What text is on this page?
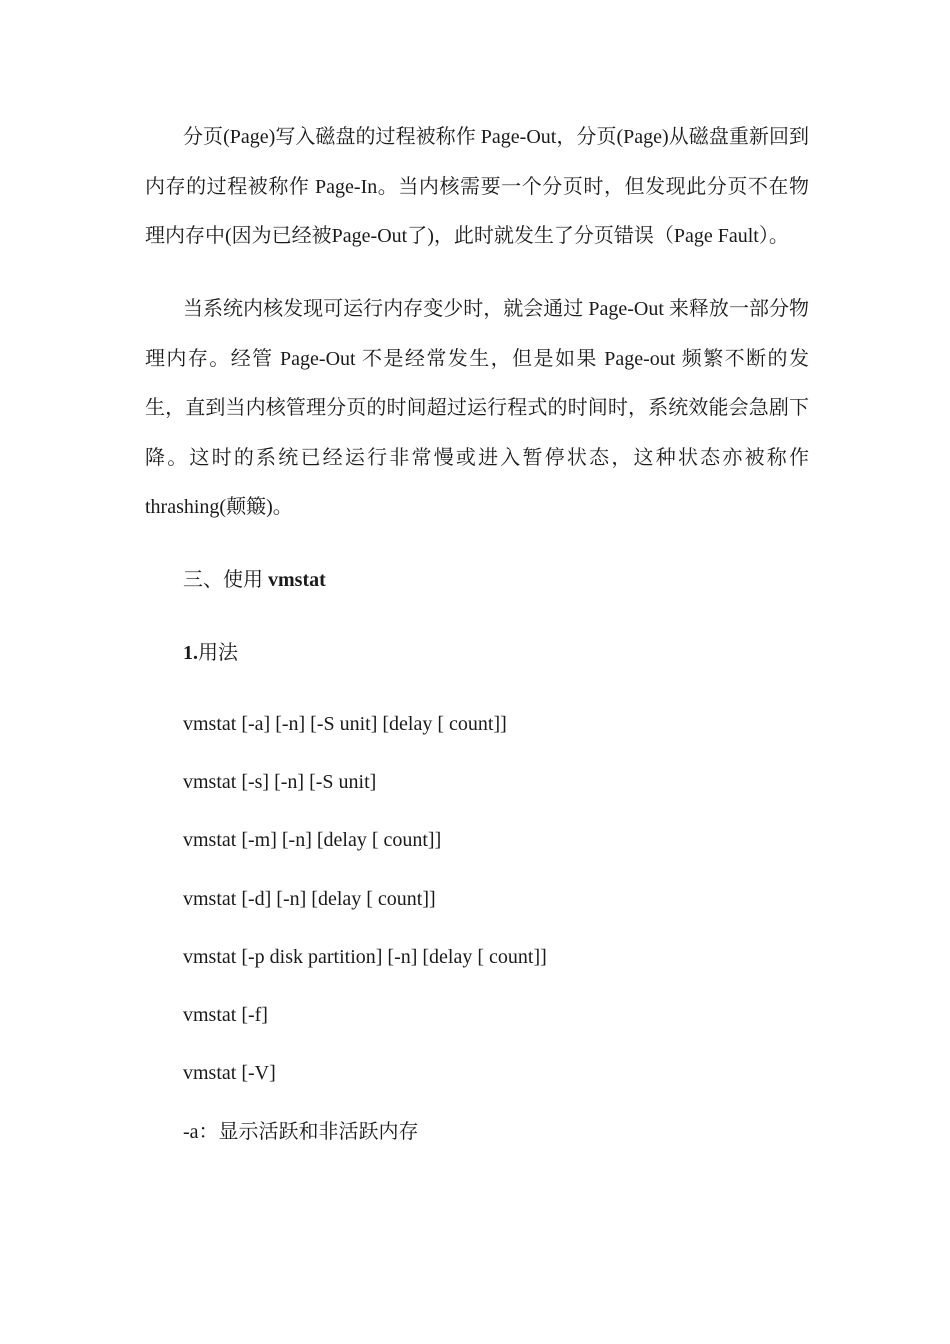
分页(Page)写入磁盘的过程被称作 Page-Out，分页(Page)从磁盘重新回到内存的过程被称作 Page-In。当内核需要一个分页时，但发现此分页不在物理内存中(因为已经被Page-Out了)，此时就发生了分页错误（Page Fault）。

当系统内核发现可运行内存变少时，就会通过 Page-Out 来释放一部分物理内存。经管 Page-Out 不是经常发生，但是如果 Page-out 频繁不断的发生，直到当内核管理分页的时间超过运行程式的时间时，系统效能会急剧下降。这时的系统已经运行非常慢或进入暂停状态，这种状态亦被称作thrashing(颠簸)。

三、使用 vmstat

1.用法

vmstat [-a] [-n] [-S unit] [delay [ count]]

vmstat [-s] [-n] [-S unit]

vmstat [-m] [-n] [delay [ count]]

vmstat [-d] [-n] [delay [ count]]

vmstat [-p disk partition] [-n] [delay [ count]]

vmstat [-f]

vmstat [-V]

-a：显示活跃和非活跃内存
